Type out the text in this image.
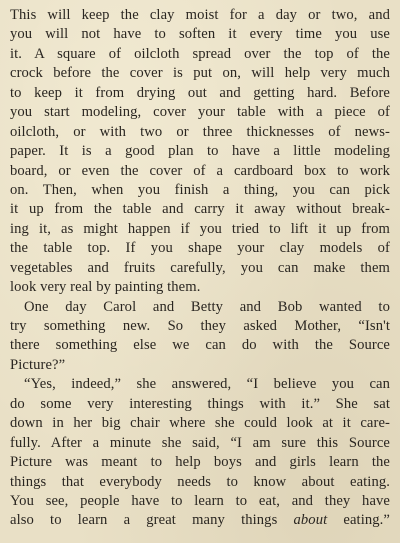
This will keep the clay moist for a day or two, and
you will not have to soften it every time you use
it. A square of oilcloth spread over the top of the
crock before the cover is put on, will help very much
to keep it from drying out and getting hard. Before
you start modeling, cover your table with a piece of
oilcloth, or with two or three thicknesses of news-
paper. It is a good plan to have a little modeling
board, or even the cover of a cardboard box to work
on. Then, when you finish a thing, you can pick
it up from the table and carry it away without break-
ing it, as might happen if you tried to lift it up from
the table top. If you shape your clay models of
vegetables and fruits carefully, you can make them
look very real by painting them.

One day Carol and Betty and Bob wanted to
try something new. So they asked Mother, “Isn't
there something else we can do with the Source
Picture?”

“Yes, indeed,” she answered, “I believe you can
do some very interesting things with it.” She sat
down in her big chair where she could look at it care-
fully. After a minute she said, “I am sure this Source
Picture was meant to help boys and girls learn the
things that everybody needs to know about eating.
You see, people have to learn to eat, and they have
also to learn a great many things about eating.”
